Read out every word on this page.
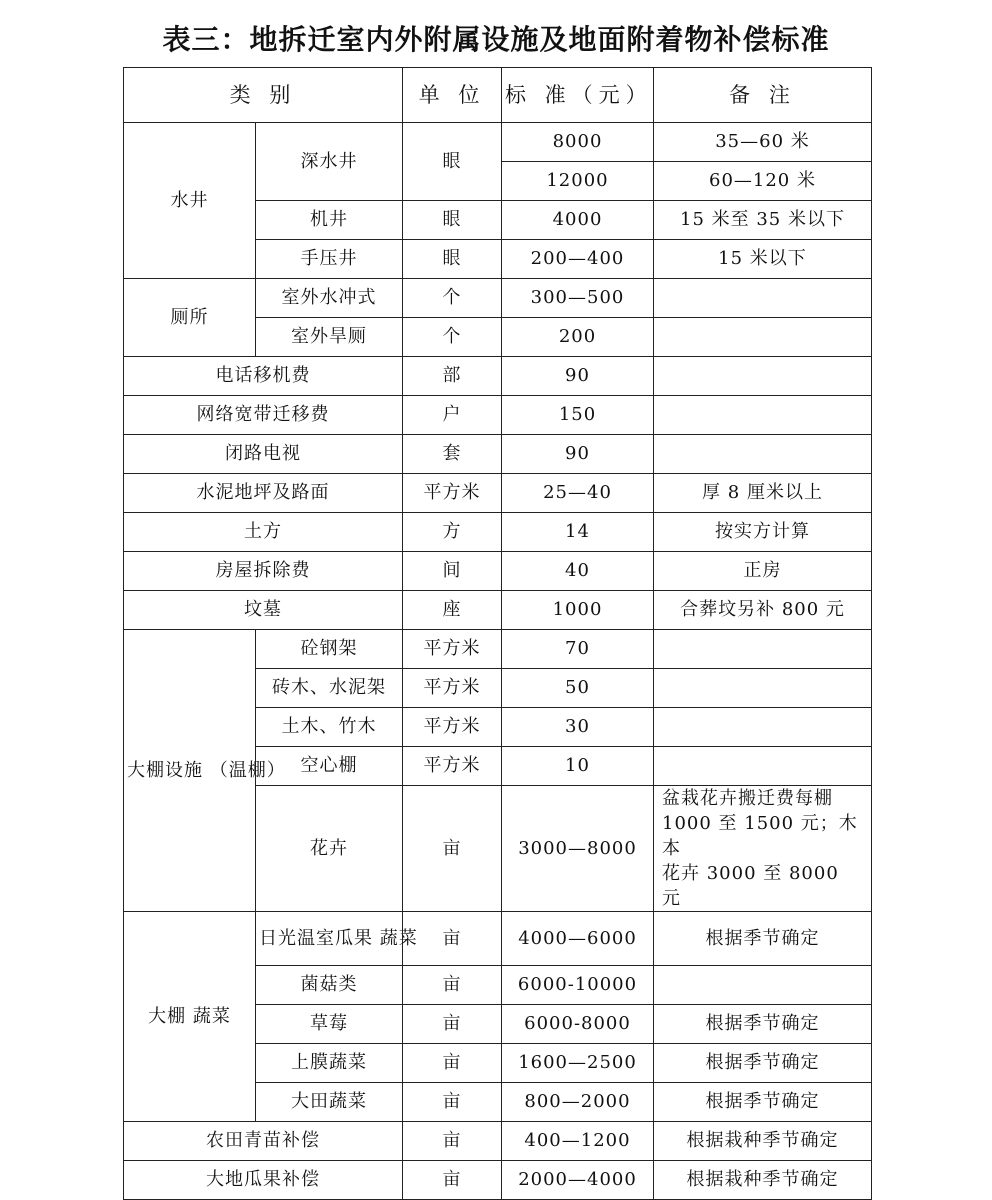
表三：地拆迁室内外附属设施及地面附着物补偿标准
类 别		单 位	标 准（元）	备 注
水井	深水井	眼	8000	35—60 米
			12000	60—120 米
	机井	眼	4000	15 米至 35 米以下
	手压井	眼	200—400	15 米以下
厕所	室外水冲式	个	300—500	
	室外旱厕	个	200	
电话移机费		部	90	
网络宽带迁移费		户	150	
闭路电视		套	90	
水泥地坪及路面		平方米	25—40	厚 8 厘米以上
土方		方	14	按实方计算
房屋拆除费		间	40	正房
坟墓		座	1000	合葬坟另补 800 元
大棚设施 （温棚）	砼钢架	平方米	70	
	砖木、水泥架	平方米	50	
	土木、竹木	平方米	30	
	空心棚	平方米	10	
	花卉	亩	3000—8000	盆栽花卉搬迁费每棚
1000 至 1500 元；木本
花卉 3000 至 8000 元
大棚 蔬菜	日光温室瓜果 蔬菜	亩	4000—6000	根据季节确定
	菌菇类	亩	6000-10000	
	草莓	亩	6000-8000	根据季节确定
	上膜蔬菜	亩	1600—2500	根据季节确定
	大田蔬菜	亩	800—2000	根据季节确定
农田青苗补偿		亩	400—1200	根据栽种季节确定
大地瓜果补偿		亩	2000—4000	根据栽种季节确定
